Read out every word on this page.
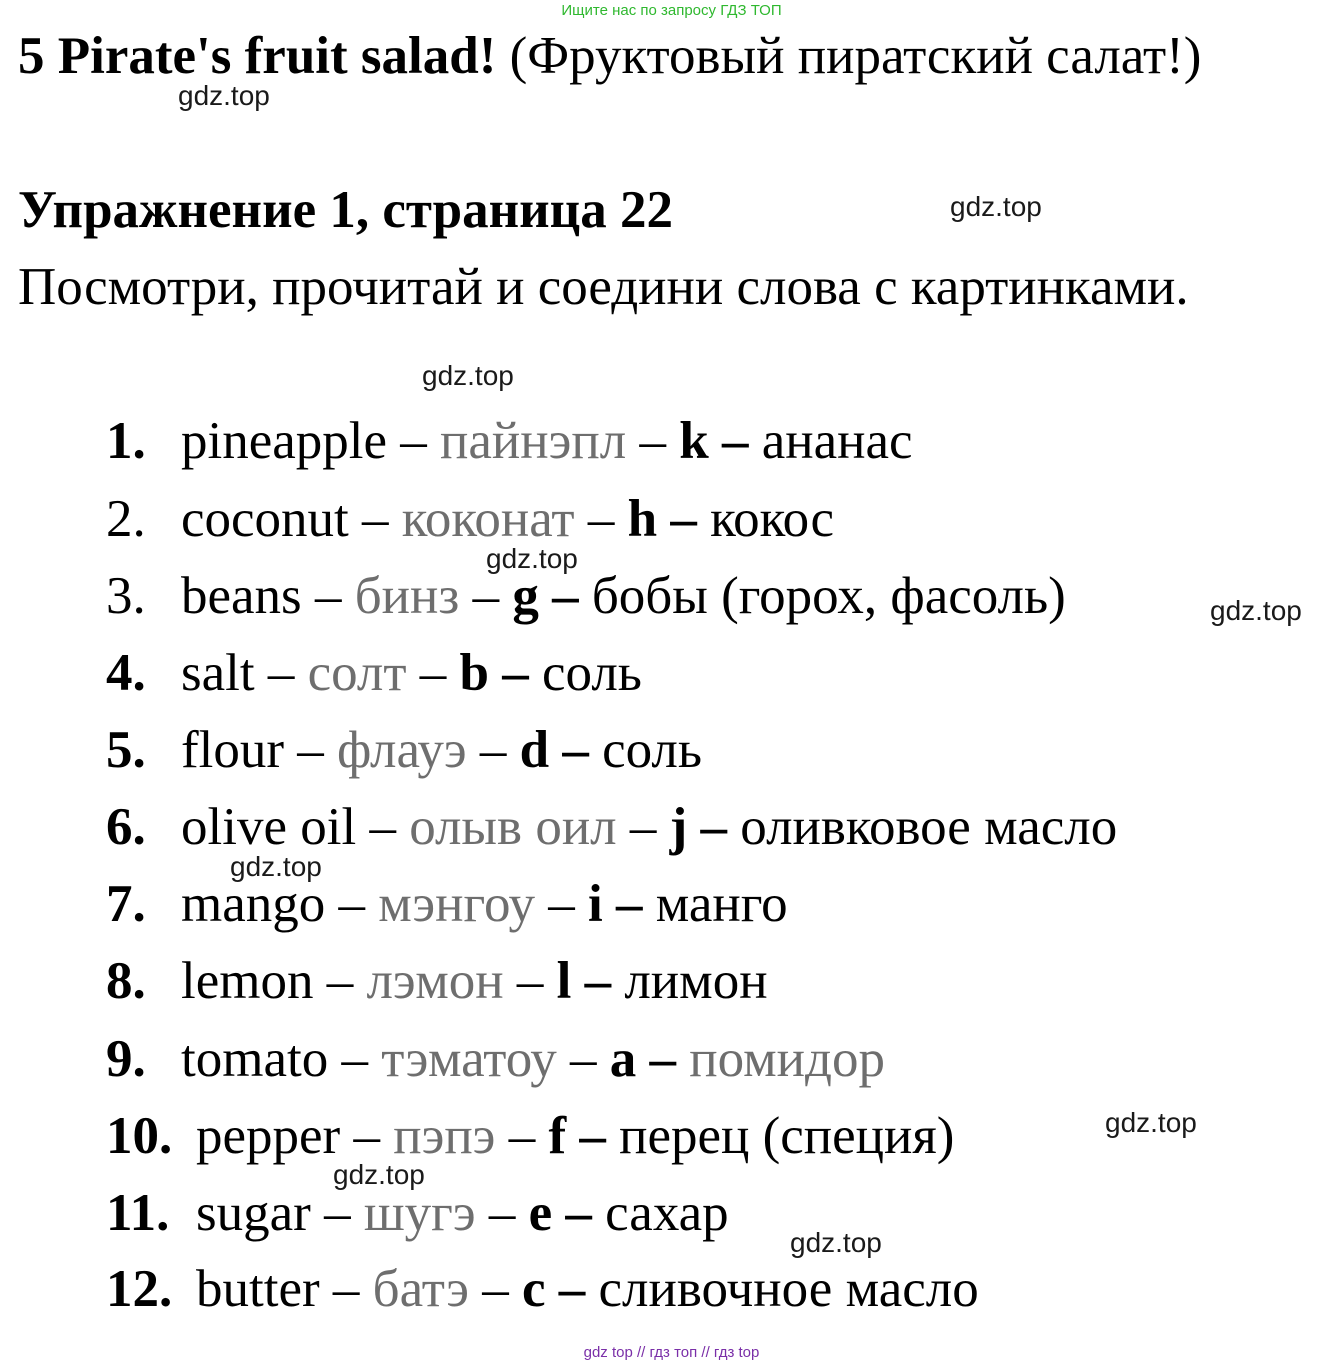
Ищите нас по запросу ГДЗ ТОП
5 Pirate's fruit salad! (Фруктовый пиратский салат!)
gdz.top
Упражнение 1, страница 22	gdz.top
Посмотри, прочитай и соедини слова с картинками.
gdz.top
1. pineapple – пайнэпл – k – ананас
2. coconut – коконат – h – кокос
gdz.top
3. beans – бинз – g – бобы (горох, фасоль)	gdz.top
4. salt – солт – b – соль
5. flour – флауэ – d – соль
6. olive oil – олыв оил – j – оливковое масло
gdz.top
7. mango – мэнгоу – i – манго
8. lemon – лэмон – l – лимон
9. tomato – тэматоу – a – помидор
gdz.top
10. pepper – пэпэ – f – перец (специя)
gdz.top
11. sugar – шугэ – e – сахар
gdz.top
12. butter – батэ – c – сливочное масло
gdz top // гдз топ // гдз top
